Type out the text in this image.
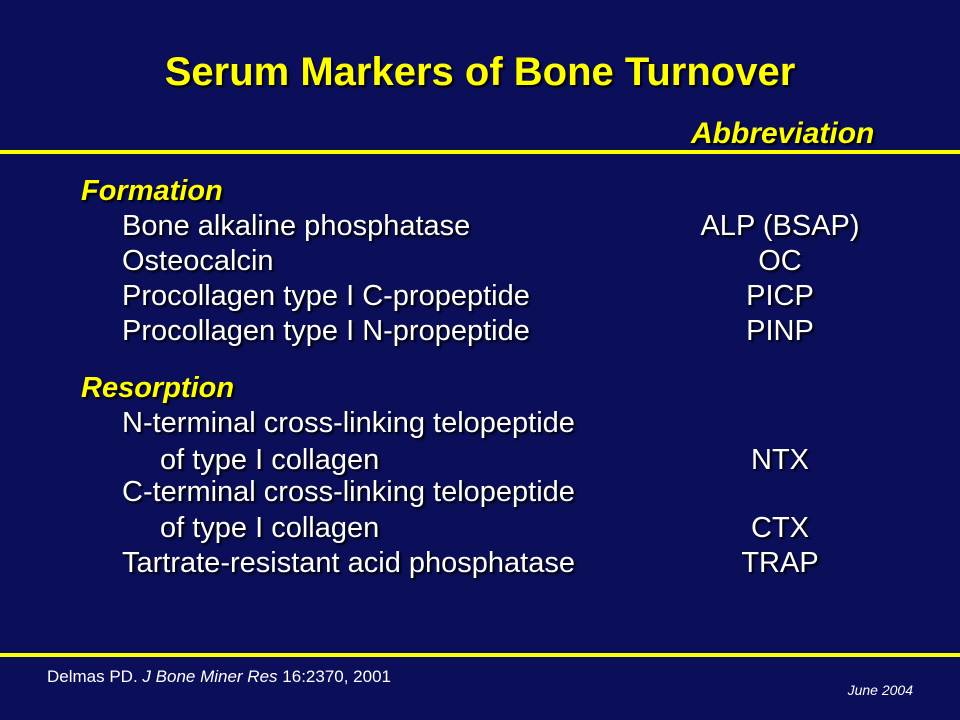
Serum Markers of Bone Turnover
Abbreviation
Formation
Bone alkaline phosphatase	ALP (BSAP)
Osteocalcin	OC
Procollagen type I C-propeptide	PICP
Procollagen type I N-propeptide	PINP
Resorption
N-terminal cross-linking telopeptide
of type I collagen	NTX
C-terminal cross-linking telopeptide
of type I collagen	CTX
Tartrate-resistant acid phosphatase	TRAP
Delmas PD. J Bone Miner Res 16:2370, 2001
June 2004
